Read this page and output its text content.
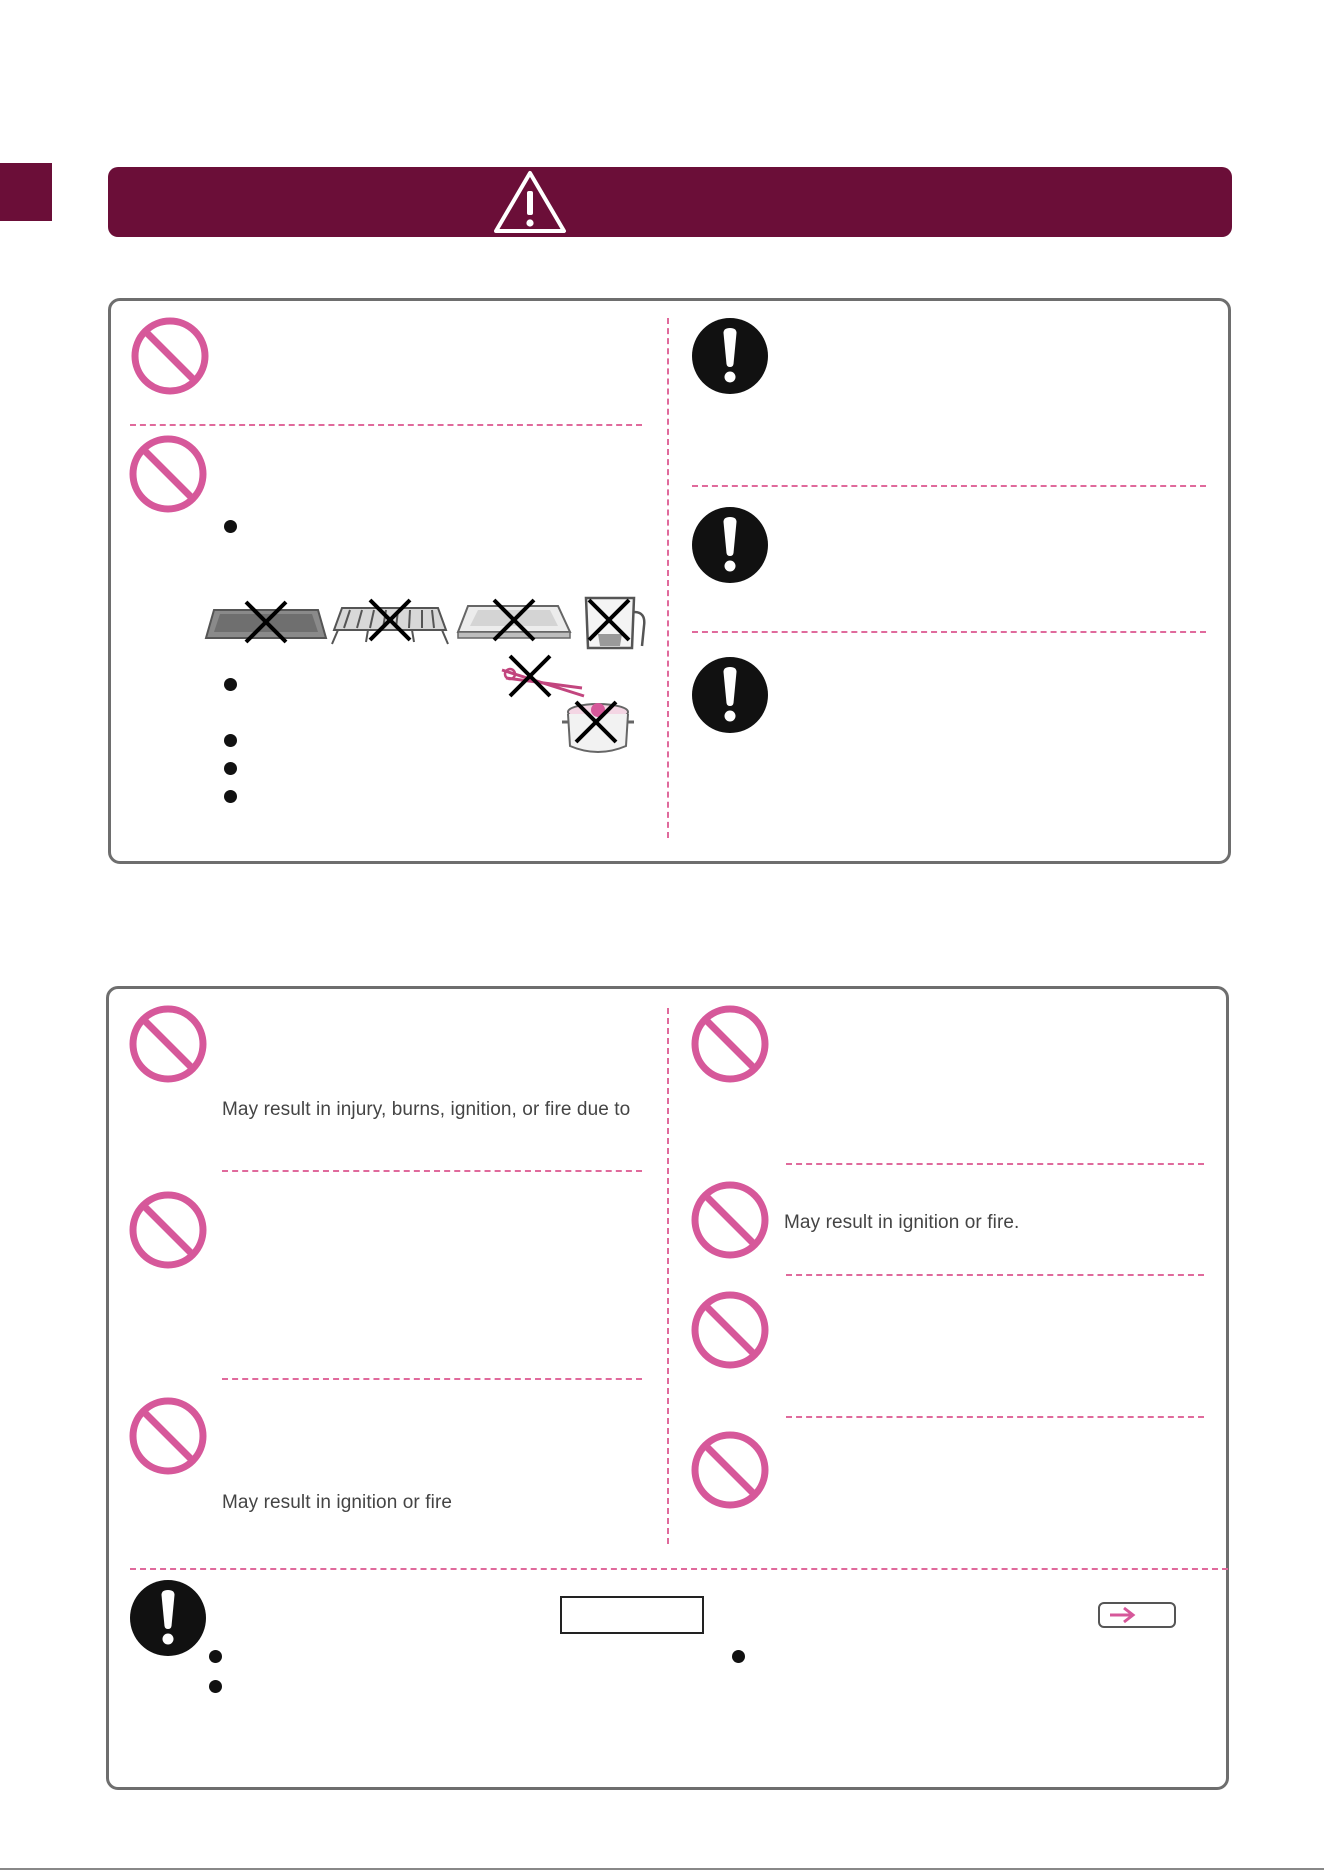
May result in injury, burns, ignition, or fire due to
May result in ignition or fire
May result in ignition or fire.
